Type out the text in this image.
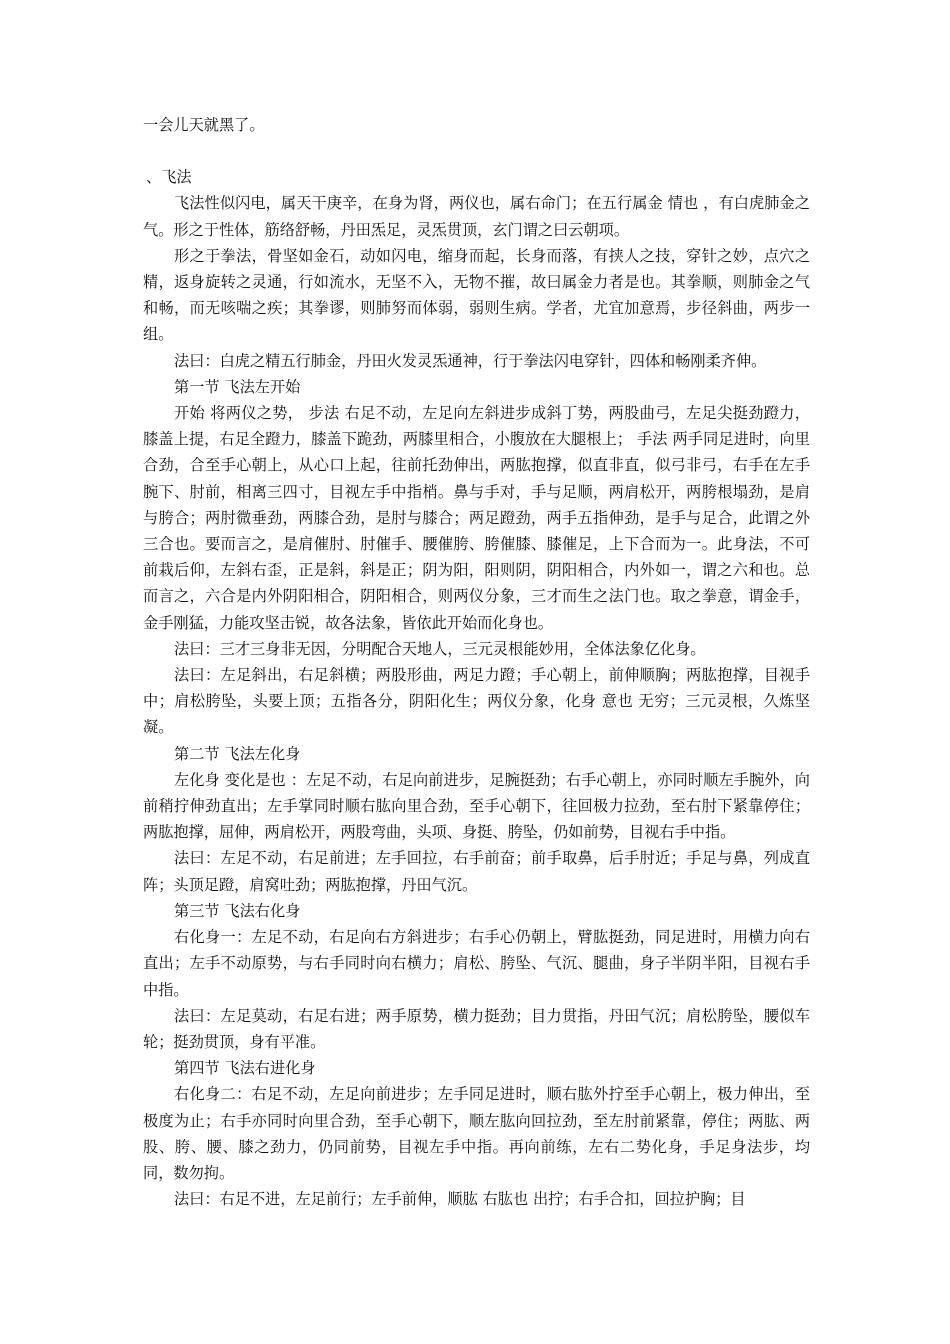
一会儿天就黑了。

、飞法

飞法性似闪电，属天干庚辛，在身为肾，两仪也，属右命门；在五行属金 情也 ，有白虎肺金之气。形之于性体，筋络舒畅，丹田炁足，灵炁贯顶，玄门谓之曰云朝项。

形之于拳法，骨坚如金石，动如闪电，缩身而起，长身而落，有挟人之技，穿针之妙，点穴之精，返身旋转之灵通，行如流水，无坚不入，无物不摧，故曰属金力者是也。其拳顺，则肺金之气和畅，而无咳喘之疾；其拳谬，则肺努而体弱，弱则生病。学者，尤宜加意焉，步径斜曲，两步一组。

法曰：白虎之精五行肺金，丹田火发灵炁通神，行于拳法闪电穿针，四体和畅刚柔齐伸。

第一节 飞法左开始

开始 将两仪之势， 步法 右足不动，左足向左斜进步成斜丁势，两股曲弓，左足尖挺劲蹬力，膝盖上提，右足全蹬力，膝盖下跪劲，两膝里相合，小腹放在大腿根上； 手法 两手同足进时，向里合劲，合至手心朝上，从心口上起，往前托劲伸出，两肱抱撑，似直非直，似弓非弓，右手在左手腕下、肘前，相离三四寸，目视左手中指梢。鼻与手对，手与足顺，两肩松开，两胯根塌劲，是肩与胯合；两肘微垂劲，两膝合劲，是肘与膝合；两足蹬劲，两手五指伸劲，是手与足合，此谓之外三合也。要而言之，是肩催肘、肘催手、腰催胯、胯催膝、膝催足，上下合而为一。此身法，不可前栽后仰，左斜右歪，正是斜，斜是正；阴为阳，阳则阴，阴阳相合，内外如一，谓之六和也。总而言之，六合是内外阴阳相合，阴阳相合，则两仪分象，三才而生之法门也。取之拳意，谓金手，金手刚猛，力能攻坚击锐，故各法象，皆依此开始而化身也。

法曰：三才三身非无因，分明配合天地人，三元灵根能妙用，全体法象亿化身。

法曰：左足斜出，右足斜横；两股形曲，两足力蹬；手心朝上，前伸顺胸；两肱抱撑，目视手中；肩松胯坠，头要上顶；五指各分，阴阳化生；两仪分象，化身 意也 无穷；三元灵根，久炼坚凝。

第二节 飞法左化身

左化身 变化是也 ：左足不动，右足向前进步，足腕挺劲；右手心朝上，亦同时顺左手腕外，向前稍拧伸劲直出；左手掌同时顺右肱向里合劲，至手心朝下，往回极力拉劲，至右肘下紧靠停住；两肱抱撑，屈伸，两肩松开，两股弯曲，头项、身挺、胯坠，仍如前势，目视右手中指。

法曰：左足不动，右足前进；左手回拉，右手前奋；前手取鼻，后手肘近；手足与鼻，列成直阵；头顶足蹬，肩窝吐劲；两肱抱撑，丹田气沉。

第三节 飞法右化身

右化身一：左足不动，右足向右方斜进步；右手心仍朝上，臂肱挺劲，同足进时，用横力向右直出；左手不动原势，与右手同时向右横力；肩松、胯坠、气沉、腿曲，身子半阴半阳，目视右手中指。

法曰：左足莫动，右足右进；两手原势，横力挺劲；目力贯指，丹田气沉；肩松胯坠，腰似车轮；挺劲贯顶，身有平准。

第四节 飞法右进化身

右化身二：右足不动，左足向前进步；左手同足进时，顺右肱外拧至手心朝上，极力伸出，至极度为止；右手亦同时向里合劲，至手心朝下，顺左肱向回拉劲，至左肘前紧靠，停住；两肱、两股、胯、腰、膝之劲力，仍同前势，目视左手中指。再向前练，左右二势化身，手足身法步，均同，数勿拘。

法曰：右足不进，左足前行；左手前伸，顺肱 右肱也 出拧；右手合扣，回拉护胸；目
